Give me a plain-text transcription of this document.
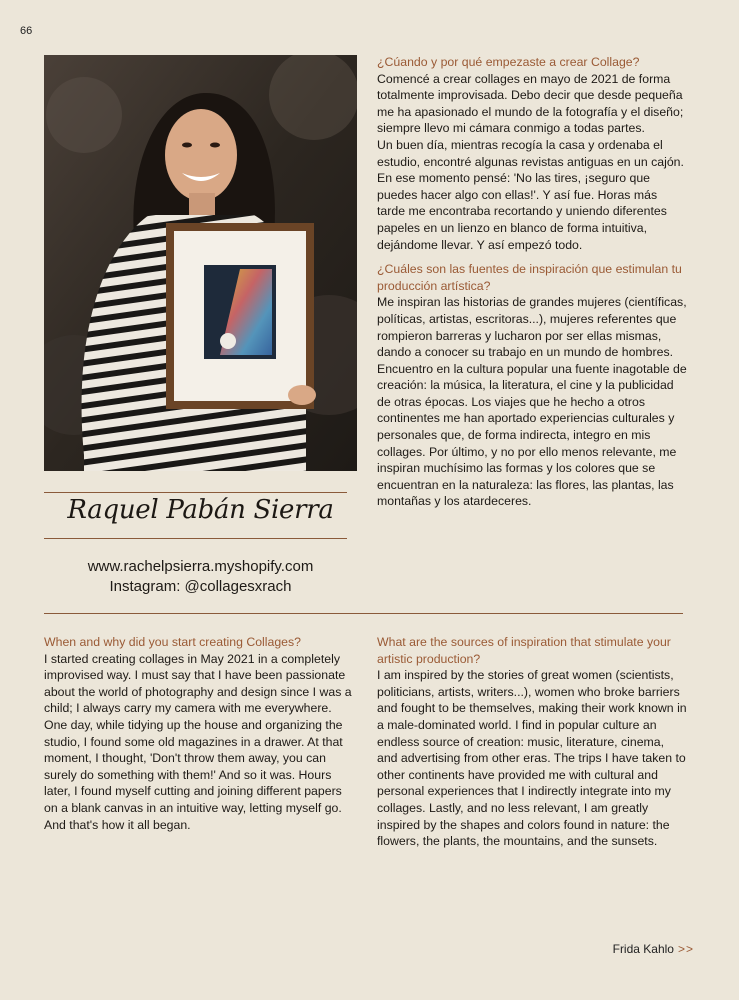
66
Raquel Pabán Sierra
www.rachelpsierra.myshopify.com
Instagram: @collagesxrach

¿Cúando y por qué empezaste a crear Collage?

Comencé a crear collages en mayo de 2021 de forma totalmente improvisada. Debo decir que desde pequeña me ha apasionado el mundo de la fotografía y el diseño; siempre llevo mi cámara conmigo a todas partes.

Un buen día, mientras recogía la casa y ordenaba el estudio, encontré algunas revistas antiguas en un cajón. En ese momento pensé: 'No las tires, ¡seguro que puedes hacer algo con ellas!'. Y así fue. Horas más tarde me encontraba recortando y uniendo diferentes papeles en un lienzo en blanco de forma intuitiva, dejándome llevar. Y así empezó todo.

¿Cuáles son las fuentes de inspiración que estimulan tu producción artística?

Me inspiran las historias de grandes mujeres (científicas, políticas, artistas, escritoras...), mujeres referentes que rompieron barreras y lucharon por ser ellas mismas, dando a conocer su trabajo en un mundo de hombres. Encuentro en la cultura popular una fuente inagotable de creación: la música, la literatura, el cine y la publicidad de otras épocas. Los viajes que he hecho a otros continentes me han aportado experiencias culturales y personales que, de forma indirecta, integro en mis collages. Por último, y no por ello menos relevante, me inspiran muchísimo las formas y los colores que se encuentran en la naturaleza: las flores, las plantas, las montañas y los atardeceres.

When and why did you start creating Collages?

I started creating collages in May 2021 in a completely improvised way. I must say that I have been passionate about the world of photography and design since I was a child; I always carry my camera with me everywhere.

One day, while tidying up the house and organizing the studio, I found some old magazines in a drawer. At that moment, I thought, 'Don't throw them away, you can surely do something with them!' And so it was. Hours later, I found myself cutting and joining different papers on a blank canvas in an intuitive way, letting myself go. And that's how it all began.

What are the sources of inspiration that stimulate your artistic production?

I am inspired by the stories of great women (scientists, politicians, artists, writers...), women who broke barriers and fought to be themselves, making their work known in a male-dominated world. I find in popular culture an endless source of creation: music, literature, cinema, and advertising from other eras. The trips I have taken to other continents have provided me with cultural and personal experiences that I indirectly integrate into my collages. Lastly, and no less relevant, I am greatly inspired by the shapes and colors found in nature: the flowers, the plants, the mountains, and the sunsets.

Frida Kahlo >>
